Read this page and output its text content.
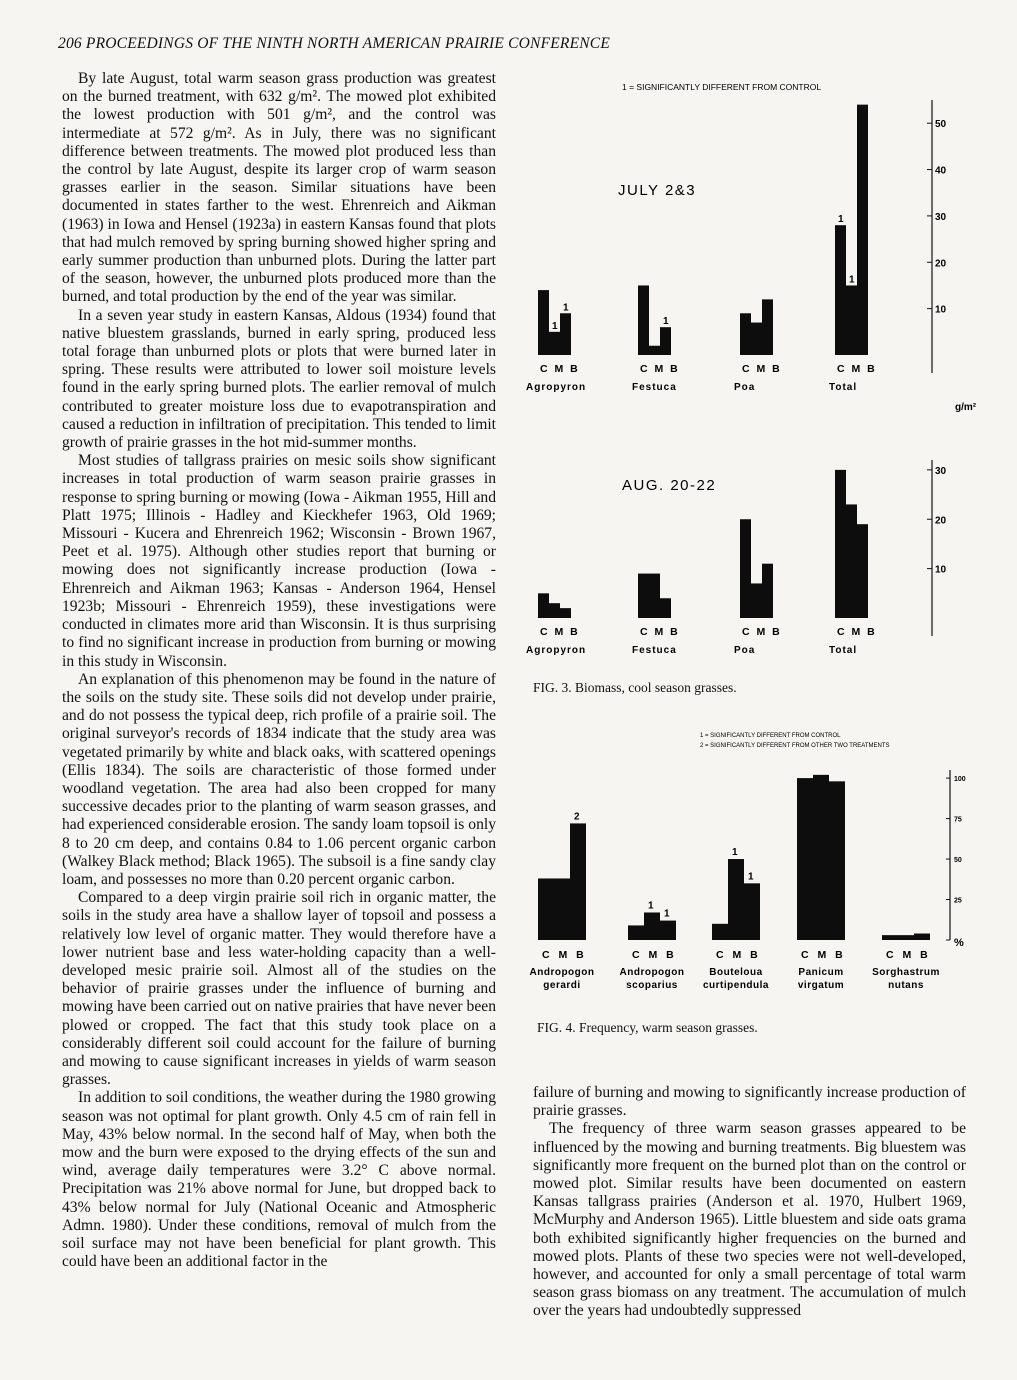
206 PROCEEDINGS OF THE NINTH NORTH AMERICAN PRAIRIE CONFERENCE

By late August, total warm season grass production was greatest on the burned treatment, with 632 g/m². The mowed plot exhibited the lowest production with 501 g/m², and the control was intermediate at 572 g/m². As in July, there was no significant difference between treatments. The mowed plot produced less than the control by late August, despite its larger crop of warm season grasses earlier in the season. Similar situations have been documented in states farther to the west. Ehrenreich and Aikman (1963) in Iowa and Hensel (1923a) in eastern Kansas found that plots that had mulch removed by spring burning showed higher spring and early summer production than unburned plots. During the latter part of the season, however, the unburned plots produced more than the burned, and total production by the end of the year was similar.

In a seven year study in eastern Kansas, Aldous (1934) found that native bluestem grasslands, burned in early spring, produced less total forage than unburned plots or plots that were burned later in spring. These results were attributed to lower soil moisture levels found in the early spring burned plots. The earlier removal of mulch contributed to greater moisture loss due to evapotranspiration and caused a reduction in infiltration of precipitation. This tended to limit growth of prairie grasses in the hot mid-summer months.

Most studies of tallgrass prairies on mesic soils show significant increases in total production of warm season prairie grasses in response to spring burning or mowing (Iowa - Aikman 1955, Hill and Platt 1975; Illinois - Hadley and Kieckhefer 1963, Old 1969; Missouri - Kucera and Ehrenreich 1962; Wisconsin - Brown 1967, Peet et al. 1975). Although other studies report that burning or mowing does not significantly increase production (Iowa - Ehrenreich and Aikman 1963; Kansas - Anderson 1964, Hensel 1923b; Missouri - Ehrenreich 1959), these investigations were conducted in climates more arid than Wisconsin. It is thus surprising to find no significant increase in production from burning or mowing in this study in Wisconsin.

An explanation of this phenomenon may be found in the nature of the soils on the study site. These soils did not develop under prairie, and do not possess the typical deep, rich profile of a prairie soil. The original surveyor's records of 1834 indicate that the study area was vegetated primarily by white and black oaks, with scattered openings (Ellis 1834). The soils are characteristic of those formed under woodland vegetation. The area had also been cropped for many successive decades prior to the planting of warm season grasses, and had experienced considerable erosion. The sandy loam topsoil is only 8 to 20 cm deep, and contains 0.84 to 1.06 percent organic carbon (Walkey Black method; Black 1965). The subsoil is a fine sandy clay loam, and possesses no more than 0.20 percent organic carbon.

Compared to a deep virgin prairie soil rich in organic matter, the soils in the study area have a shallow layer of topsoil and possess a relatively low level of organic matter. They would therefore have a lower nutrient base and less water-holding capacity than a well-developed mesic prairie soil. Almost all of the studies on the behavior of prairie grasses under the influence of burning and mowing have been carried out on native prairies that have never been plowed or cropped. The fact that this study took place on a considerably different soil could account for the failure of burning and mowing to cause significant increases in yields of warm season grasses.

In addition to soil conditions, the weather during the 1980 growing season was not optimal for plant growth. Only 4.5 cm of rain fell in May, 43% below normal. In the second half of May, when both the mow and the burn were exposed to the drying effects of the sun and wind, average daily temperatures were 3.2° C above normal. Precipitation was 21% above normal for June, but dropped back to 43% below normal for July (National Oceanic and Atmospheric Admn. 1980). Under these conditions, removal of mulch from the soil surface may not have been beneficial for plant growth. This could have been an additional factor in the

1 = SIGNIFICANTLY DIFFERENT FROM CONTROL
JULY 2&3
10
20
30
40
50
1
1
C M B
Agropyron
1
C M B
Festuca
C M B
Poa
1
1
C M B
Total
AUG. 20-22
10
20
30
C M B
Agropyron
C M B
Festuca
C M B
Poa
C M B
Total
g/m²
FIG. 3. Biomass, cool season grasses.
1 = SIGNIFICANTLY DIFFERENT FROM CONTROL
2 = SIGNIFICANTLY DIFFERENT FROM OTHER TWO TREATMENTS
%
25
50
75
100
2
C M B
Andropogon
gerardi
1
1
C M B
Andropogon
scoparius
1
1
C M B
Bouteloua
curtipendula
C M B
Panicum
virgatum
C M B
Sorghastrum
nutans
FIG. 4. Frequency, warm season grasses.

failure of burning and mowing to significantly increase production of prairie grasses.

The frequency of three warm season grasses appeared to be influenced by the mowing and burning treatments. Big bluestem was significantly more frequent on the burned plot than on the control or mowed plot. Similar results have been documented on eastern Kansas tallgrass prairies (Anderson et al. 1970, Hulbert 1969, McMurphy and Anderson 1965). Little bluestem and side oats grama both exhibited significantly higher frequencies on the burned and mowed plots. Plants of these two species were not well-developed, however, and accounted for only a small percentage of total warm season grass biomass on any treatment. The accumulation of mulch over the years had undoubtedly suppressed
